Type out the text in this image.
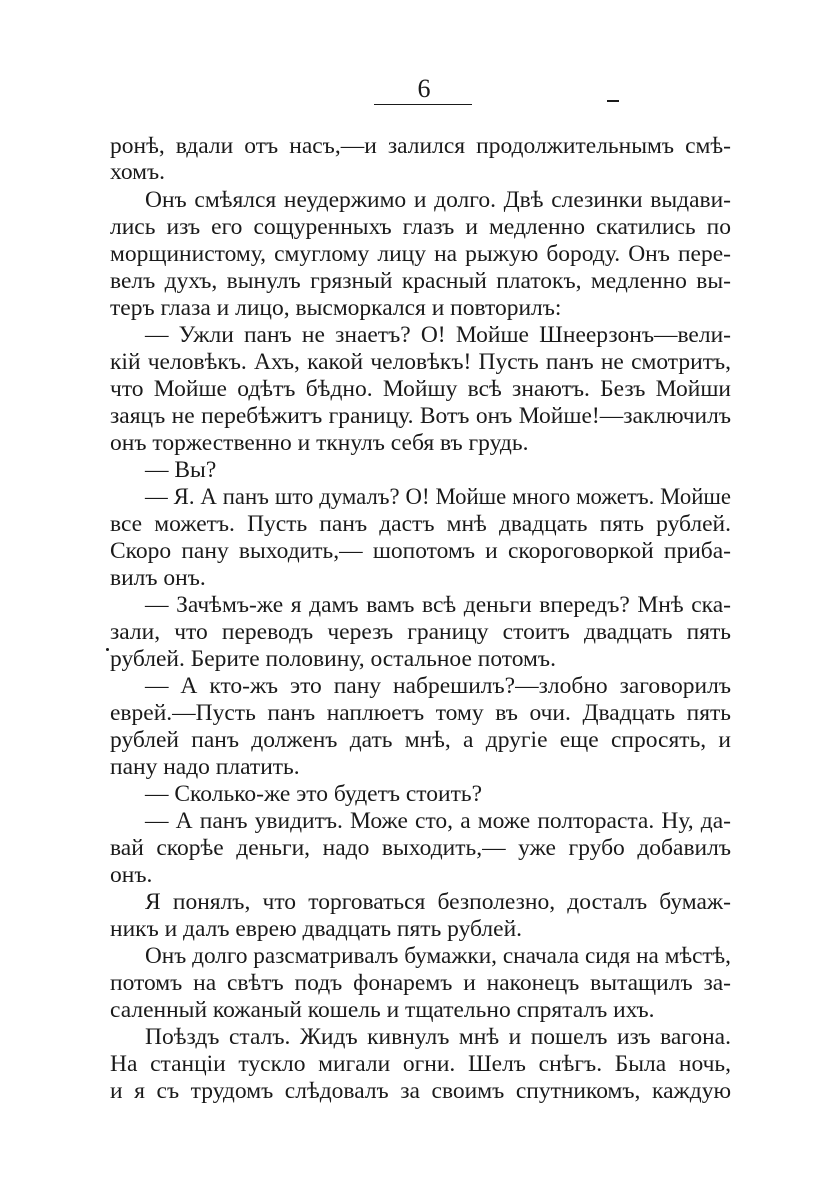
6
ронѣ, вдали отъ насъ,—и залился продолжительнымъ смѣ-
хомъ.
Онъ смѣялся неудержимо и долго. Двѣ слезинки выдави-
лись изъ его сощуренныхъ глазъ и медленно скатились по
морщинистому, смуглому лицу на рыжую бороду. Онъ пере-
велъ духъ, вынулъ грязный красный платокъ, медленно вы-
теръ глаза и лицо, высморкался и повторилъ:
— Ужли панъ не знаетъ? О! Мойше Шнеерзонъ—вели-
кій человѣкъ. Ахъ, какой человѣкъ! Пусть панъ не смотритъ,
что Мойше одѣтъ бѣдно. Мойшу всѣ знаютъ. Безъ Мойши
заяцъ не перебѣжитъ границу. Вотъ онъ Мойше!—заключилъ
онъ торжественно и ткнулъ себя въ грудь.
— Вы?
— Я. А панъ што думалъ? О! Мойше много можетъ. Мойше
все можетъ. Пусть панъ дастъ мнѣ двадцать пять рублей.
Скоро пану выходить,— шопотомъ и скороговоркой приба-
вилъ онъ.
— Зачѣмъ-же я дамъ вамъ всѣ деньги впередъ? Мнѣ ска-
зали, что переводъ черезъ границу стоитъ двадцать пять
рублей. Берите половину, остальное потомъ.
— А кто-жъ это пану набрешилъ?—злобно заговорилъ
еврей.—Пусть панъ наплюетъ тому въ очи. Двадцать пять
рублей панъ долженъ дать мнѣ, а другіе еще спросять, и
пану надо платить.
— Сколько-же это будетъ стоить?
— А панъ увидитъ. Може сто, а може полтораста. Ну, да-
вай скорѣе деньги, надо выходить,— уже грубо добавилъ
онъ.
Я понялъ, что торговаться безполезно, досталъ бумаж-
никъ и далъ еврею двадцать пять рублей.
Онъ долго разсматривалъ бумажки, сначала сидя на мѣстѣ,
потомъ на свѣтъ подъ фонаремъ и наконецъ вытащилъ за-
саленный кожаный кошель и тщательно спряталъ ихъ.
Поѣздъ сталъ. Жидъ кивнулъ мнѣ и пошелъ изъ вагона.
На станціи тускло мигали огни. Шелъ снѣгъ. Была ночь,
и я съ трудомъ слѣдовалъ за своимъ спутникомъ, каждую
